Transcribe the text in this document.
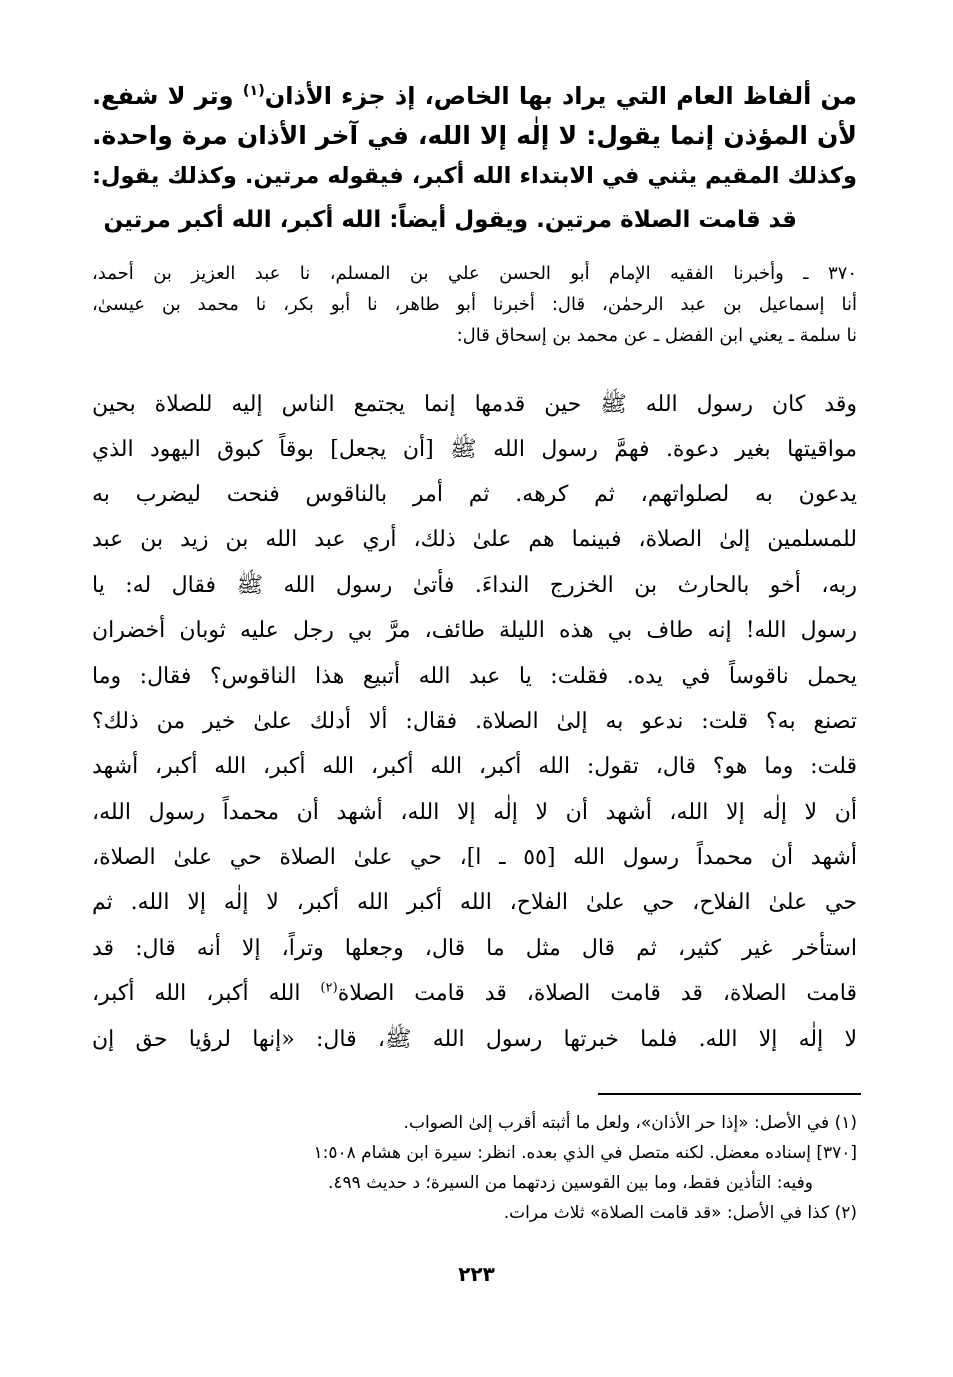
من ألفاظ العام التي يراد بها الخاص، إذ جزء الأذان$^{(١)}$ وتر لا شفع.
لأن المؤذن إنما يقول: لا إلٰه إلا الله، في آخر الأذان مرة واحدة.
وكذلك المقيم يثني في الابتداء الله أكبر، فيقوله مرتين. وكذلك يقول:
قد قامت الصلاة مرتين. ويقول أيضاً: الله أكبر، الله أكبر مرتين
٣٧٠ ـ وأخبرنا الفقيه الإمام أبو الحسن علي بن المسلم، نا عبد العزيز بن أحمد،
أنا إسماعيل بن عبد الرحمٰن، قال: أخبرنا أبو طاهر، نا أبو بكر، نا محمد بن عيسىٰ،
نا سلمة ـ يعني ابن الفضل ـ عن محمد بن إسحاق قال:
وقد كان رسول الله ﷺ حين قدمها إنما يجتمع الناس إليه للصلاة بحين
مواقيتها بغير دعوة. فهمَّ رسول الله ﷺ [أن يجعل] بوقاً كبوق اليهود الذي
يدعون به لصلواتهم، ثم كرهه. ثم أمر بالناقوس فنحت ليضرب به
للمسلمين إلىٰ الصلاة، فبينما هم علىٰ ذلك، أري عبد الله بن زيد بن عبد
ربه، أخو بالحارث بن الخزرج النداءَ. فأتىٰ رسول الله ﷺ فقال له: يا
رسول الله! إنه طاف بي هذه الليلة طائف، مرَّ بي رجل عليه ثوبان أخضران
يحمل ناقوساً في يده. فقلت: يا عبد الله أتبيع هذا الناقوس؟ فقال: وما
تصنع به؟ قلت: ندعو به إلىٰ الصلاة. فقال: ألا أدلك علىٰ خير من ذلك؟
قلت: وما هو؟ قال، تقول: الله أكبر، الله أكبر، الله أكبر، الله أكبر، أشهد
أن لا إلٰه إلا الله، أشهد أن لا إلٰه إلا الله، أشهد أن محمداً رسول الله،
أشهد أن محمداً رسول الله [٥٥ ـ ا]، حي علىٰ الصلاة حي علىٰ الصلاة،
حي علىٰ الفلاح، حي علىٰ الفلاح، الله أكبر الله أكبر، لا إلٰه إلا الله. ثم
استأخر غير كثير، ثم قال مثل ما قال، وجعلها وتراً، إلا أنه قال: قد
قامت الصلاة، قد قامت الصلاة، قد قامت الصلاة$^{(٢)}$ الله أكبر، الله أكبر،
لا إلٰه إلا الله. فلما خبرتها رسول الله ﷺ، قال: «إنها لرؤيا حق إن
(١) في الأصل: «إذا حر الأذان»، ولعل ما أثبته أقرب إلىٰ الصواب.
[٣٧٠] إسناده معضل. لكنه متصل في الذي بعده. انظر: سيرة ابن هشام ١:٥٠٨
وفيه: التأذين فقط، وما بين القوسين زدتهما من السيرة؛ د حديث ٤٩٩.
(٢) كذا في الأصل: «قد قامت الصلاة» ثلاث مرات.
٢٢٣
